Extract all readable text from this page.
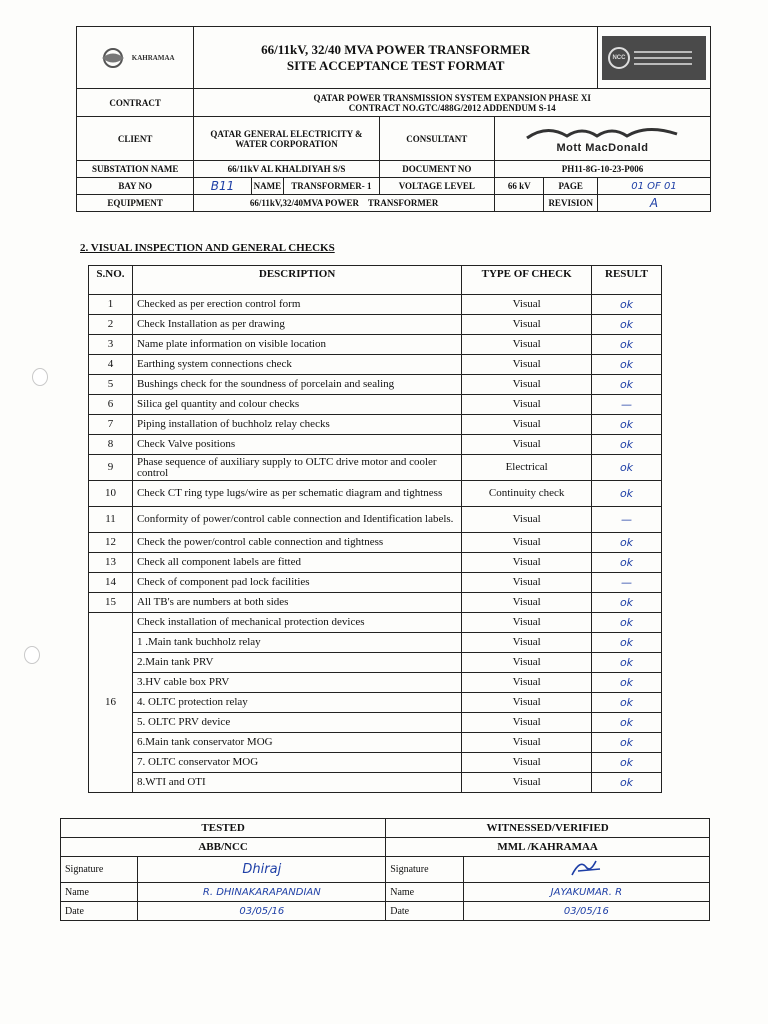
KAHRAMAA	66/11kV, 32/40 MVA POWER TRANSFORMER
SITE ACCEPTANCE TEST FORMAT						NCC

CONTRACT	QATAR POWER TRANSMISSION SYSTEM EXPANSION PHASE XI
CONTRACT NO.GTC/488G/2012 ADDENDUM S-14						

CLIENT	QATAR GENERAL ELECTRICITY &
WATER CORPORATION			CONSULTANT	Mott MacDonald		

SUBSTATION NAME	66/11kV AL KHALDIYAH S/S			DOCUMENT NO	PH11-8G-10-23-P006		
BAY NO	B11	NAME	TRANSFORMER- 1	VOLTAGE LEVEL	66 kV	PAGE	01 OF 01
EQUIPMENT	66/11kV,32/40MVA POWER TRANSFORMER					REVISION	A
2. VISUAL INSPECTION AND GENERAL CHECKS
S.NO.	DESCRIPTION	TYPE OF CHECK	RESULT
1	Checked as per erection control form	Visual	ok
2	Check Installation as per drawing	Visual	ok
3	Name plate information on visible location	Visual	ok
4	Earthing system connections check	Visual	ok
5	Bushings check for the soundness of porcelain and sealing	Visual	ok
6	Silica gel quantity and colour checks	Visual	—
7	Piping installation of buchholz relay checks	Visual	ok
8	Check Valve positions	Visual	ok
9	Phase sequence of auxiliary supply to OLTC drive motor and cooler control	Electrical	ok
10	Check CT ring type lugs/wire as per schematic diagram and tightness	Continuity check	ok
11	Conformity of power/control cable connection and Identification labels.	Visual	—
12	Check the power/control cable connection and tightness	Visual	ok
13	Check all component labels are fitted	Visual	ok
14	Check of component pad lock facilities	Visual	—
15	All TB's are numbers at both sides	Visual	ok
16	Check installation of mechanical protection devices	Visual	ok
	1 .Main tank buchholz relay	Visual	ok
	2.Main tank PRV	Visual	ok
	3.HV cable box PRV	Visual	ok
	4. OLTC protection relay	Visual	ok
	5. OLTC PRV device	Visual	ok
	6.Main tank conservator MOG	Visual	ok
	7. OLTC conservator MOG	Visual	ok
	8.WTI and OTI	Visual	ok
TESTED		WITNESSED/VERIFIED	
ABB/NCC		MML /KAHRAMAA	
Signature	Dhiraj	Signature	
Name	R. DHINAKARAPANDIAN	Name	JAYAKUMAR. R
Date	03/05/16	Date	03/05/16
